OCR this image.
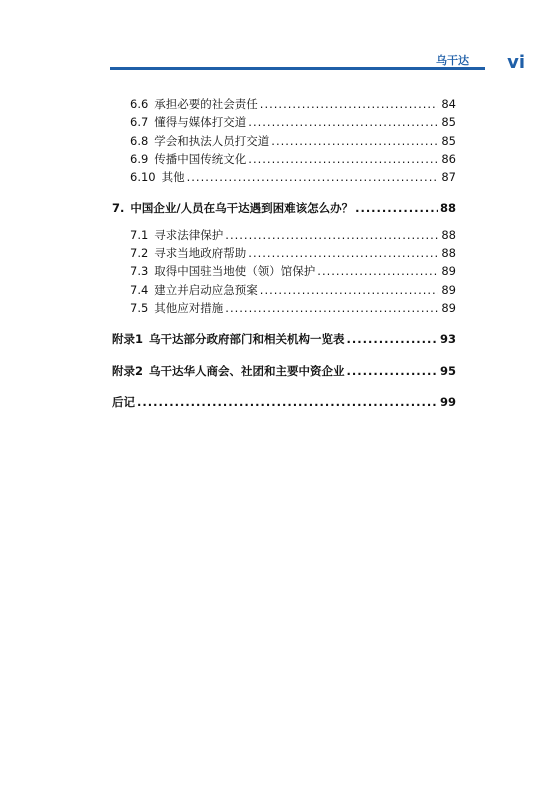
乌干达 vi
6.6 承担必要的社会责任 .....	84
6.7 懂得与媒体打交道 .....	85
6.8 学会和执法人员打交道 .....	85
6.9 传播中国传统文化 .....	86
6.10 其他 .....	87
7. 中国企业/人员在乌干达遇到困难该怎么办？ .....	88
7.1 寻求法律保护 .....	88
7.2 寻求当地政府帮助 .....	88
7.3 取得中国驻当地使（领）馆保护 .....	89
7.4 建立并启动应急预案 .....	89
7.5 其他应对措施 .....	89
附录1 乌干达部分政府部门和相关机构一览表 .....	93
附录2 乌干达华人商会、社团和主要中资企业 .....	95
后记 .....	99
